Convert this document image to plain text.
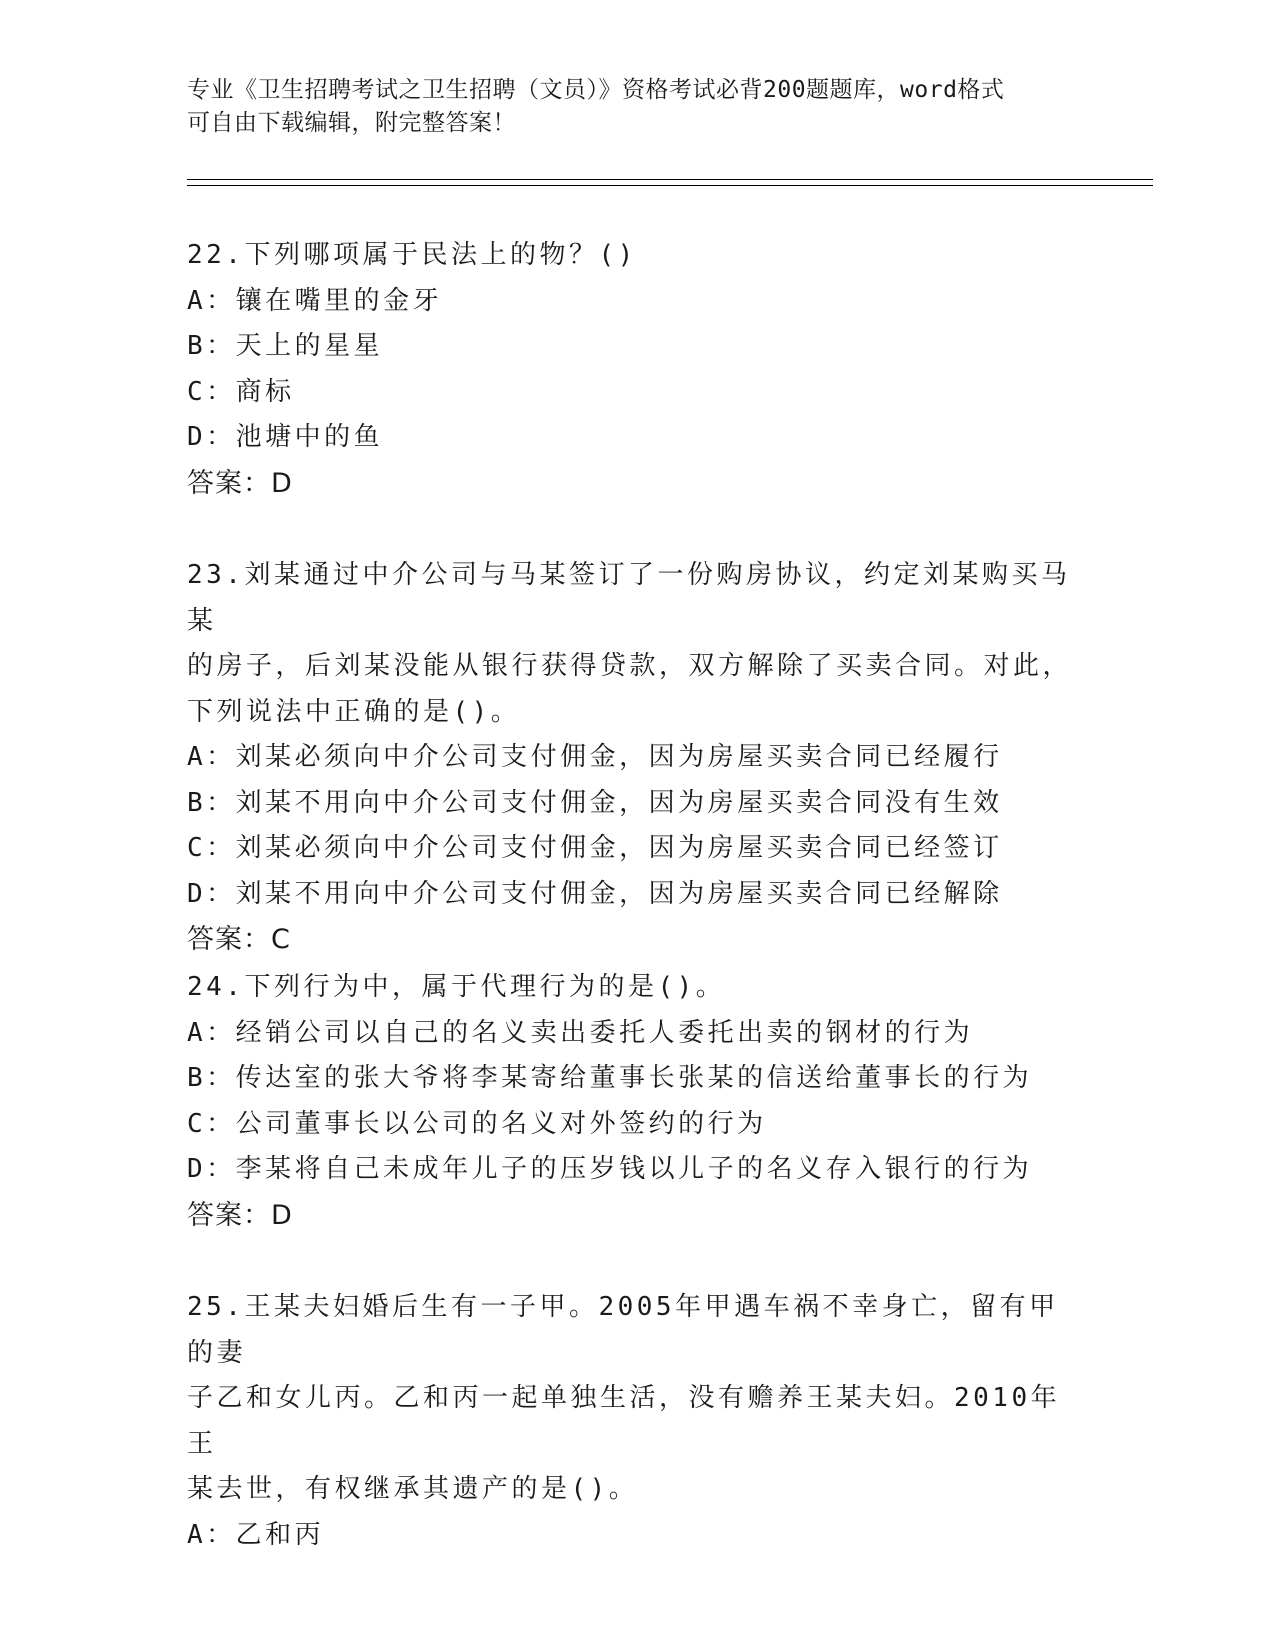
专业《卫生招聘考试之卫生招聘（文员）》资格考试必背200题题库，word格式
可自由下载编辑，附完整答案！

22.下列哪项属于民法上的物？()

A：镶在嘴里的金牙

B：天上的星星

C：商标

D：池塘中的鱼

答案：D

23.刘某通过中介公司与马某签订了一份购房协议，约定刘某购买马某

的房子，后刘某没能从银行获得贷款，双方解除了买卖合同。对此，

下列说法中正确的是()。

A：刘某必须向中介公司支付佣金，因为房屋买卖合同已经履行

B：刘某不用向中介公司支付佣金，因为房屋买卖合同没有生效

C：刘某必须向中介公司支付佣金，因为房屋买卖合同已经签订

D：刘某不用向中介公司支付佣金，因为房屋买卖合同已经解除

答案：C

24.下列行为中，属于代理行为的是()。

A：经销公司以自己的名义卖出委托人委托出卖的钢材的行为

B：传达室的张大爷将李某寄给董事长张某的信送给董事长的行为

C：公司董事长以公司的名义对外签约的行为

D：李某将自己未成年儿子的压岁钱以儿子的名义存入银行的行为

答案：D

25.王某夫妇婚后生有一子甲。2005年甲遇车祸不幸身亡，留有甲的妻

子乙和女儿丙。乙和丙一起单独生活，没有赡养王某夫妇。2010年王

某去世，有权继承其遗产的是()。

A：乙和丙
